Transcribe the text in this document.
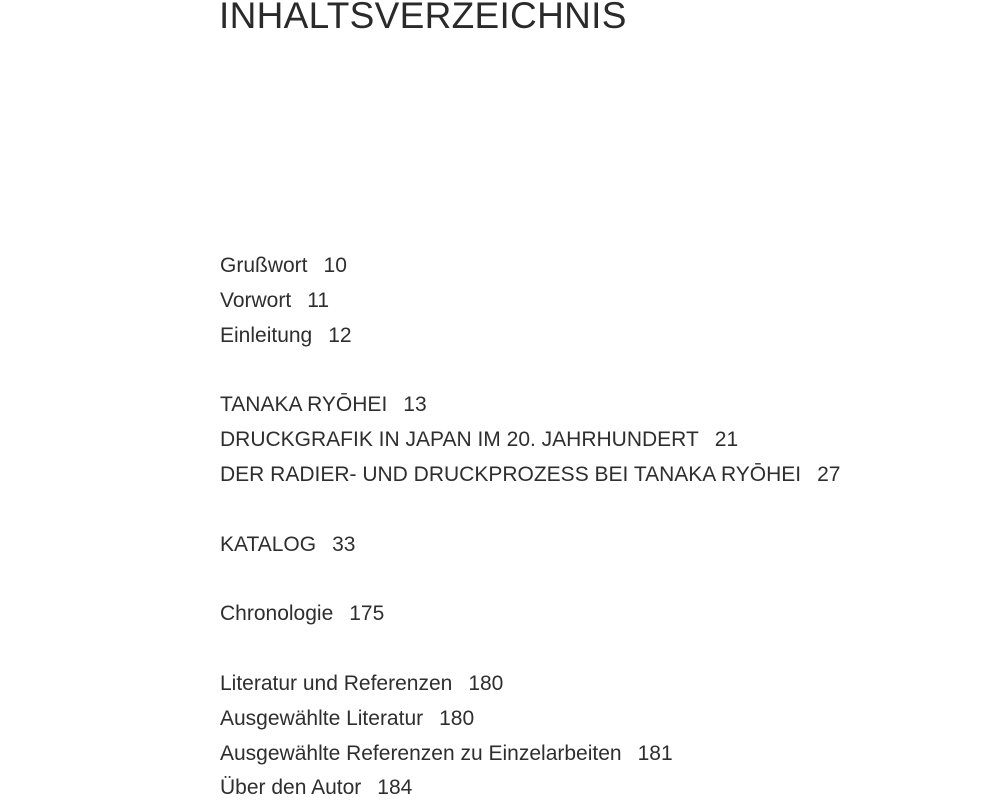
INHALTSVERZEICHNIS
Grußwort 10
Vorwort 11
Einleitung 12
TANAKA RYŌHEI 13
DRUCKGRAFIK IN JAPAN IM 20. JAHRHUNDERT 21
DER RADIER- UND DRUCKPROZESS BEI TANAKA RYŌHEI 27
KATALOG 33
Chronologie 175
Literatur und Referenzen 180
Ausgewählte Literatur 180
Ausgewählte Referenzen zu Einzelarbeiten 181
Über den Autor 184
